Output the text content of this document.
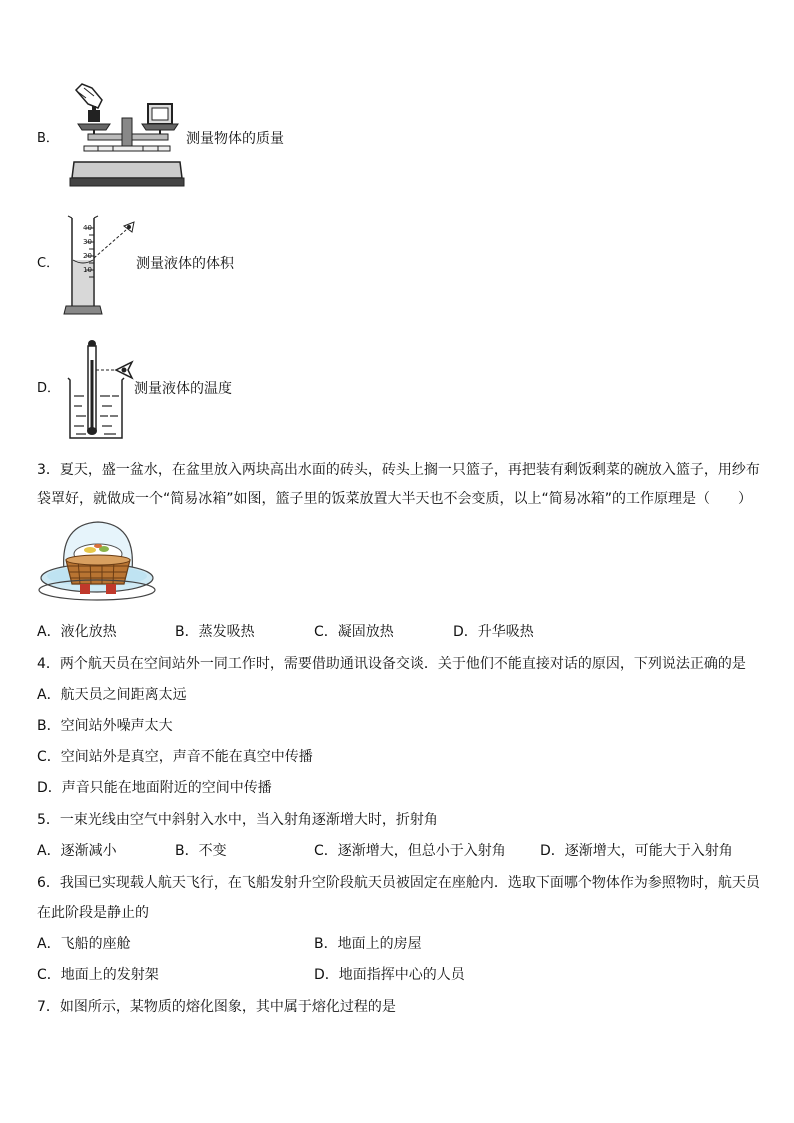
B．	测量物体的质量
C．
40
30
20
10	测量液体的体积
D．	测量液体的温度
3．夏天，盛一盆水，在盆里放入两块高出水面的砖头，砖头上搁一只篮子，再把装有剩饭剩菜的碗放入篮子，用纱布
袋罩好，就做成一个“简易冰箱”如图，篮子里的饭菜放置大半天也不会变质，以上“简易冰箱”的工作原理是（　　）
A．液化放热	B．蒸发吸热	C．凝固放热	D．升华吸热
4．两个航天员在空间站外一同工作时，需要借助通讯设备交谈．关于他们不能直接对话的原因，下列说法正确的是
A．航天员之间距离太远
B．空间站外噪声太大
C．空间站外是真空，声音不能在真空中传播
D．声音只能在地面附近的空间中传播
5．一束光线由空气中斜射入水中，当入射角逐渐增大时，折射角
A．逐渐减小	B．不变	C．逐渐增大，但总小于入射角 D．逐渐增大，可能大于入射角
6．我国已实现载人航天飞行，在飞船发射升空阶段航天员被固定在座舱内．选取下面哪个物体作为参照物时，航天员
在此阶段是静止的
A．飞船的座舱	B．地面上的房屋
C．地面上的发射架	D．地面指挥中心的人员
7．如图所示，某物质的熔化图象，其中属于熔化过程的是
